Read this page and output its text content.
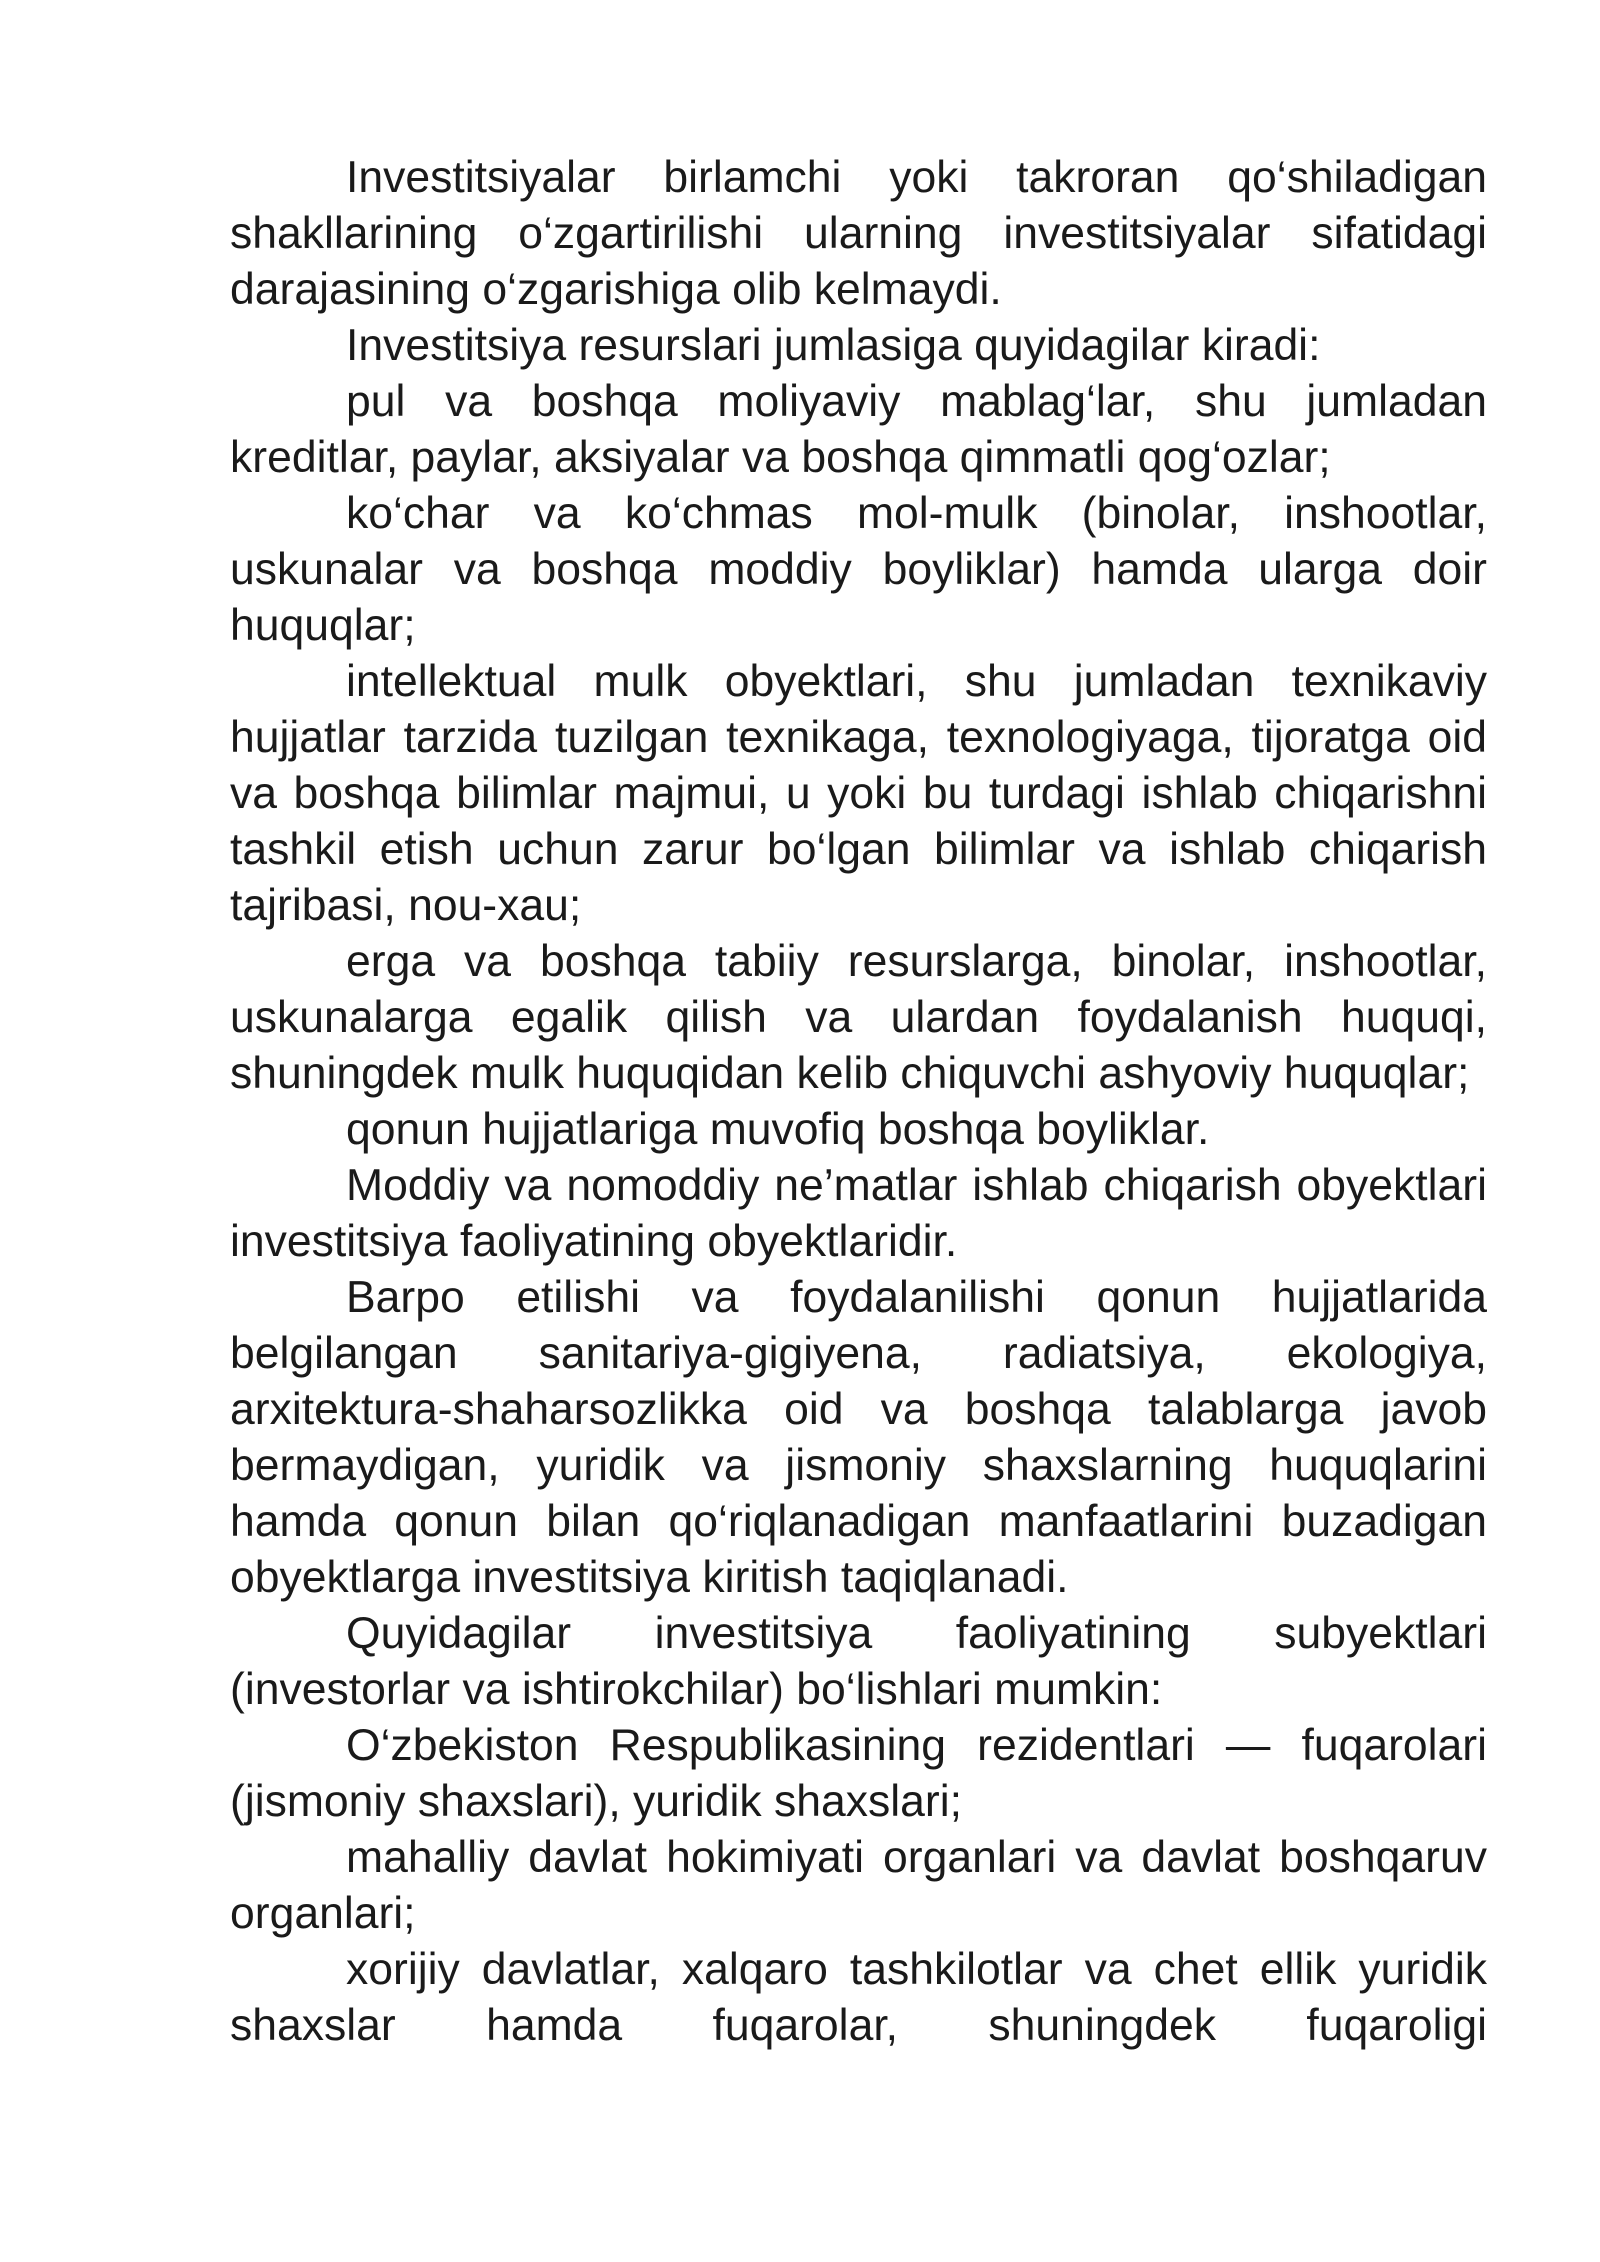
Investitsiyalar birlamchi yoki takroran qo‘shiladigan shakllarining o‘zgartirilishi ularning investitsiyalar sifatidagi darajasining o‘zgarishiga olib kelmaydi.

Investitsiya resurslari jumlasiga quyidagilar kiradi:

pul va boshqa moliyaviy mablag‘lar, shu jumladan kreditlar, paylar, aksiyalar va boshqa qimmatli qog‘ozlar;

ko‘char va ko‘chmas mol-mulk (binolar, inshootlar, uskunalar va boshqa moddiy boyliklar) hamda ularga doir huquqlar;

intellektual mulk obyektlari, shu jumladan texnikaviy hujjatlar tarzida tuzilgan texnikaga, texnologiyaga, tijoratga oid va boshqa bilimlar majmui, u yoki bu turdagi ishlab chiqarishni tashkil etish uchun zarur bo‘lgan bilimlar va ishlab chiqarish tajribasi, nou-xau;

erga va boshqa tabiiy resurslarga, binolar, inshootlar, uskunalarga egalik qilish va ulardan foydalanish huquqi, shuningdek mulk huquqidan kelib chiquvchi ashyoviy huquqlar;

qonun hujjatlariga muvofiq boshqa boyliklar.

Moddiy va nomoddiy ne’matlar ishlab chiqarish obyektlari investitsiya faoliyatining obyektlaridir.

Barpo etilishi va foydalanilishi qonun hujjatlarida belgilangan sanitariya-gigiyena, radiatsiya, ekologiya, arxitektura-shaharsozlikka oid va boshqa talablarga javob bermaydigan, yuridik va jismoniy shaxslarning huquqlarini hamda qonun bilan qo‘riqlanadigan manfaatlarini buzadigan obyektlarga investitsiya kiritish taqiqlanadi.

Quyidagilar investitsiya faoliyatining subyektlari (investorlar va ishtirokchilar) bo‘lishlari mumkin:

O‘zbekiston Respublikasining rezidentlari — fuqarolari (jismoniy shaxslari), yuridik shaxslari;

mahalliy davlat hokimiyati organlari va davlat boshqaruv organlari;

xorijiy davlatlar, xalqaro tashkilotlar va chet ellik yuridik shaxslar hamda fuqarolar, shuningdek fuqaroligi
